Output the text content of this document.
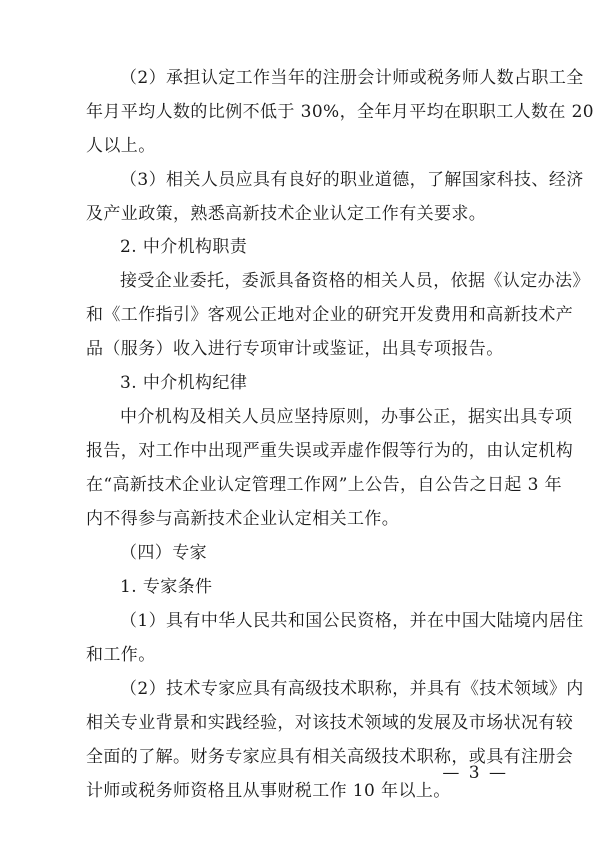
（2）承担认定工作当年的注册会计师或税务师人数占职工全
年月平均人数的比例不低于 30%，全年月平均在职职工人数在 20
人以上。
（3）相关人员应具有良好的职业道德，了解国家科技、经济
及产业政策，熟悉高新技术企业认定工作有关要求。
2. 中介机构职责
接受企业委托，委派具备资格的相关人员，依据《认定办法》
和《工作指引》客观公正地对企业的研究开发费用和高新技术产
品（服务）收入进行专项审计或鉴证，出具专项报告。
3. 中介机构纪律
中介机构及相关人员应坚持原则，办事公正，据实出具专项
报告，对工作中出现严重失误或弄虚作假等行为的，由认定机构
在“高新技术企业认定管理工作网”上公告，自公告之日起 3 年
内不得参与高新技术企业认定相关工作。
（四）专家
1. 专家条件
（1）具有中华人民共和国公民资格，并在中国大陆境内居住
和工作。
（2）技术专家应具有高级技术职称，并具有《技术领域》内
相关专业背景和实践经验，对该技术领域的发展及市场状况有较
全面的了解。财务专家应具有相关高级技术职称，或具有注册会
计师或税务师资格且从事财税工作 10 年以上。
— 3 —
